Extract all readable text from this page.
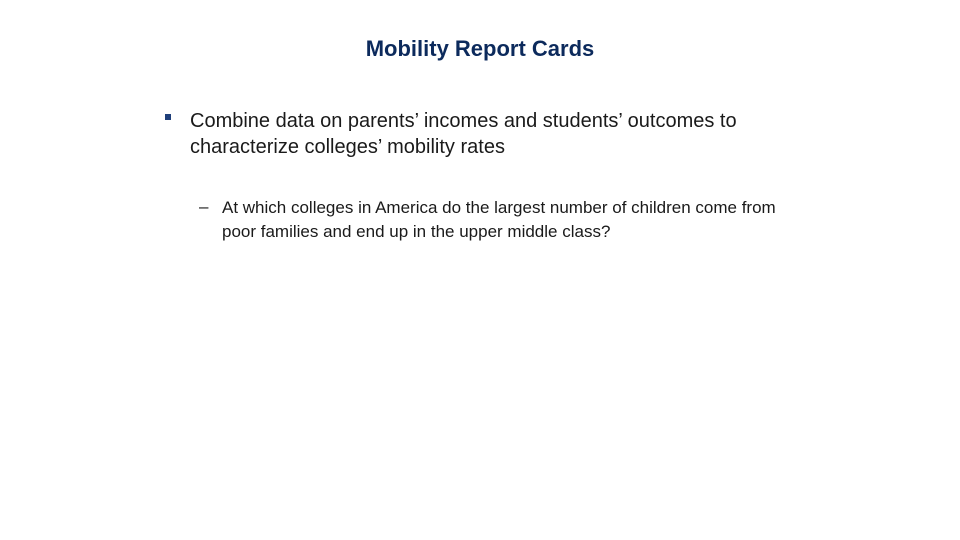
Mobility Report Cards
Combine data on parents’ incomes and students’ outcomes to characterize colleges’ mobility rates
– At which colleges in America do the largest number of children come from poor families and end up in the upper middle class?
